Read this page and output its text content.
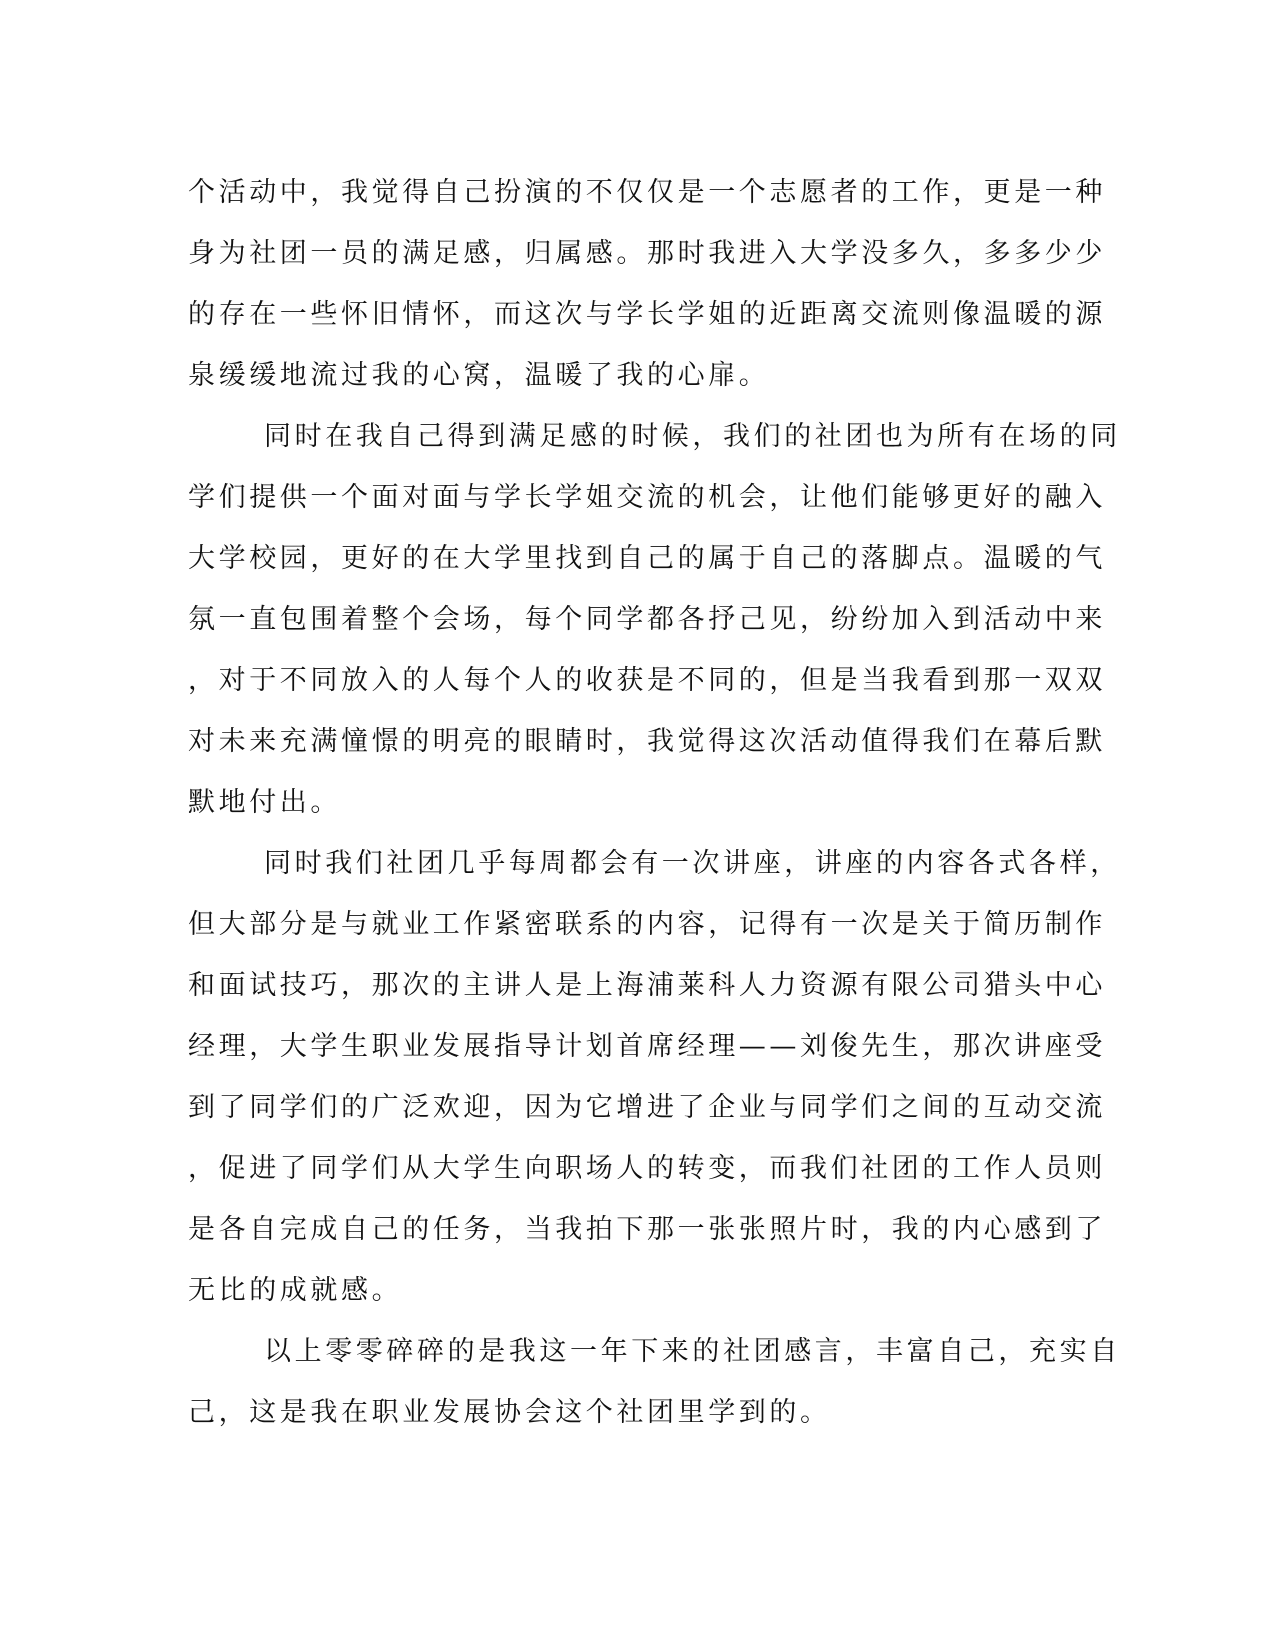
个活动中，我觉得自己扮演的不仅仅是一个志愿者的工作，更是一种
身为社团一员的满足感，归属感。那时我进入大学没多久，多多少少
的存在一些怀旧情怀，而这次与学长学姐的近距离交流则像温暖的源
泉缓缓地流过我的心窝，温暖了我的心扉。
同时在我自己得到满足感的时候，我们的社团也为所有在场的同
学们提供一个面对面与学长学姐交流的机会，让他们能够更好的融入
大学校园，更好的在大学里找到自己的属于自己的落脚点。温暖的气
氛一直包围着整个会场，每个同学都各抒己见，纷纷加入到活动中来
，对于不同放入的人每个人的收获是不同的，但是当我看到那一双双
对未来充满憧憬的明亮的眼睛时，我觉得这次活动值得我们在幕后默
默地付出。
同时我们社团几乎每周都会有一次讲座，讲座的内容各式各样，
但大部分是与就业工作紧密联系的内容，记得有一次是关于简历制作
和面试技巧，那次的主讲人是上海浦莱科人力资源有限公司猎头中心
经理，大学生职业发展指导计划首席经理——刘俊先生，那次讲座受
到了同学们的广泛欢迎，因为它增进了企业与同学们之间的互动交流
，促进了同学们从大学生向职场人的转变，而我们社团的工作人员则
是各自完成自己的任务，当我拍下那一张张照片时，我的内心感到了
无比的成就感。
以上零零碎碎的是我这一年下来的社团感言，丰富自己，充实自
己，这是我在职业发展协会这个社团里学到的。
